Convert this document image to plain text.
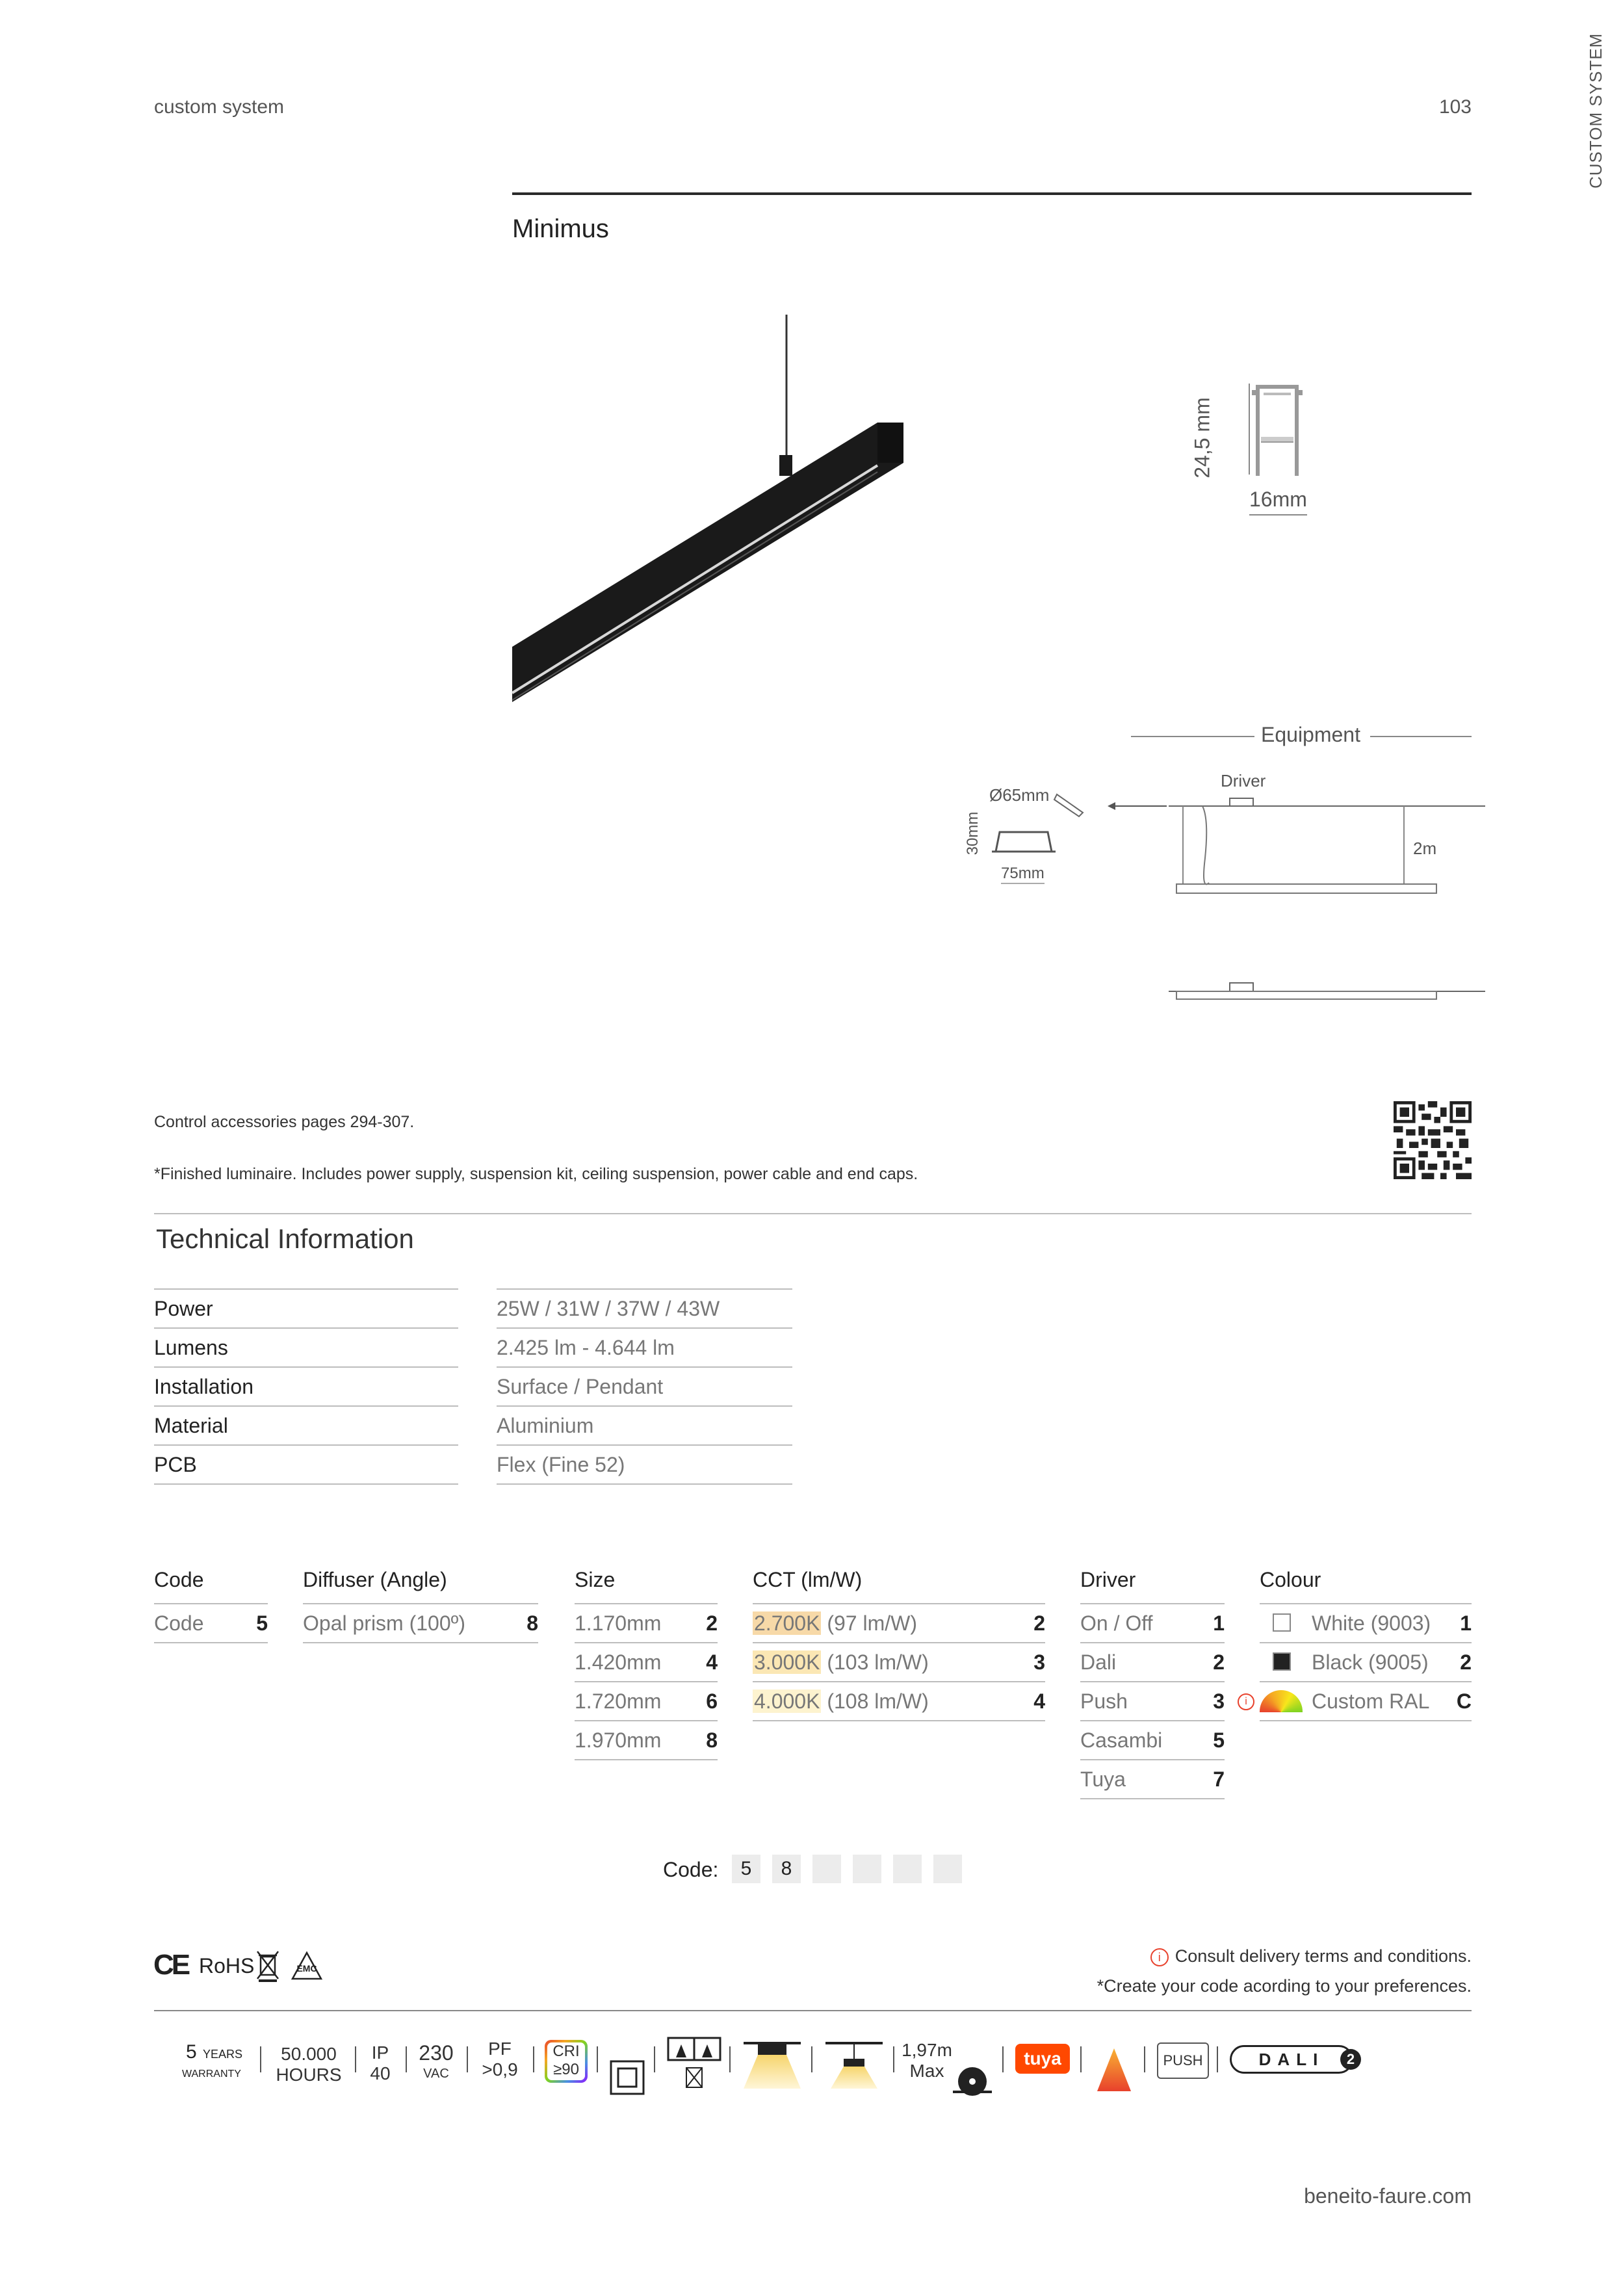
custom system	103	CUSTOM SYSTEM
Minimus
24,5 mm
16mm
Equipment
Driver
Ø65mm
30mm
75mm
2m
Control accessories pages 294-307.
*Finished luminaire. Includes power supply, suspension kit, ceiling suspension, power cable and end caps.
Technical Information
Power	25W / 31W / 37W / 43W
Lumens	2.425 lm - 4.644 lm
Installation	Surface / Pendant
Material	Aluminium
PCB	Flex (Fine 52)
Code
Code	5
Diffuser (Angle)
Opal prism (100º)	8
Size
1.170mm 2
1.420mm 4
1.720mm 6
1.970mm 8
CCT (lm/W)
2.700K (97 lm/W)	2
3.000K (103 lm/W)	3
4.000K (108 lm/W)	4
Driver
On / Off	1
Dali	2
Push	3
Casambi 5
Tuya	7
Colour
White (9003) 1
Black (9005) 2
i	Custom RAL C
Code:	5	8
CE RoHS	EMC
i Consult delivery terms and conditions.
*Create your code acording to your preferences.
5 YEARS
WARRANTY
50.000
HOURS
IP
40
230
VAC
PF
>0,9
CRI
≥90
1,97m
Max
tuya	PUSH	DALI	2
beneito-faure.com
